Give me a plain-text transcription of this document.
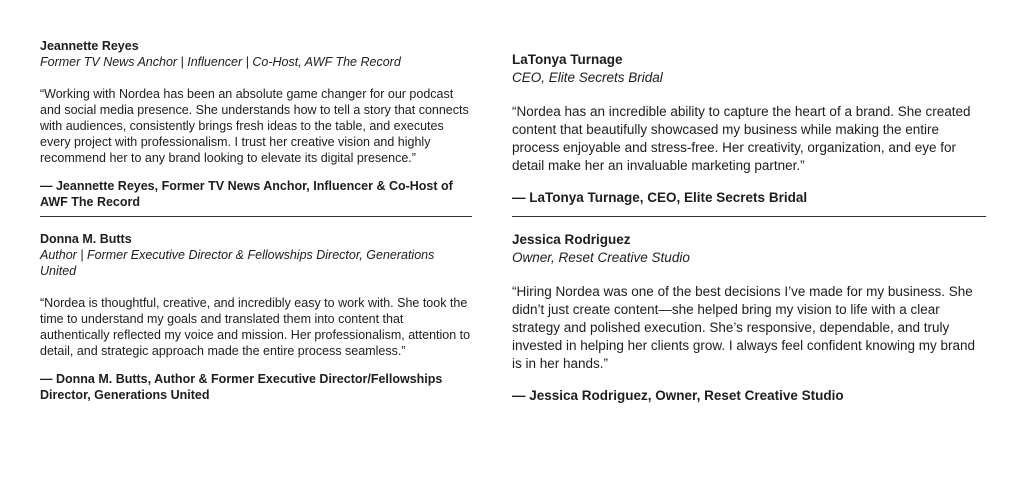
Jeannette Reyes

Former TV News Anchor | Influencer | Co-Host, AWF The Record

“Working with Nordea has been an absolute game changer for our podcast and social media presence. She understands how to tell a story that connects with audiences, consistently brings fresh ideas to the table, and executes every project with professionalism. I trust her creative vision and highly recommend her to any brand looking to elevate its digital presence.”

— Jeannette Reyes, Former TV News Anchor, Influencer & Co-Host of AWF The Record

Donna M. Butts

Author | Former Executive Director & Fellowships Director, Generations United

“Nordea is thoughtful, creative, and incredibly easy to work with. She took the time to understand my goals and translated them into content that authentically reflected my voice and mission. Her professionalism, attention to detail, and strategic approach made the entire process seamless.”

— Donna M. Butts, Author & Former Executive Director/Fellowships Director, Generations United

LaTonya Turnage

CEO, Elite Secrets Bridal

“Nordea has an incredible ability to capture the heart of a brand. She created content that beautifully showcased my business while making the entire process enjoyable and stress-free. Her creativity, organization, and eye for detail make her an invaluable marketing partner.”

— LaTonya Turnage, CEO, Elite Secrets Bridal

Jessica Rodriguez

Owner, Reset Creative Studio

“Hiring Nordea was one of the best decisions I’ve made for my business. She didn’t just create content—she helped bring my vision to life with a clear strategy and polished execution. She’s responsive, dependable, and truly invested in helping her clients grow. I always feel confident knowing my brand is in her hands.”

— Jessica Rodriguez, Owner, Reset Creative Studio
